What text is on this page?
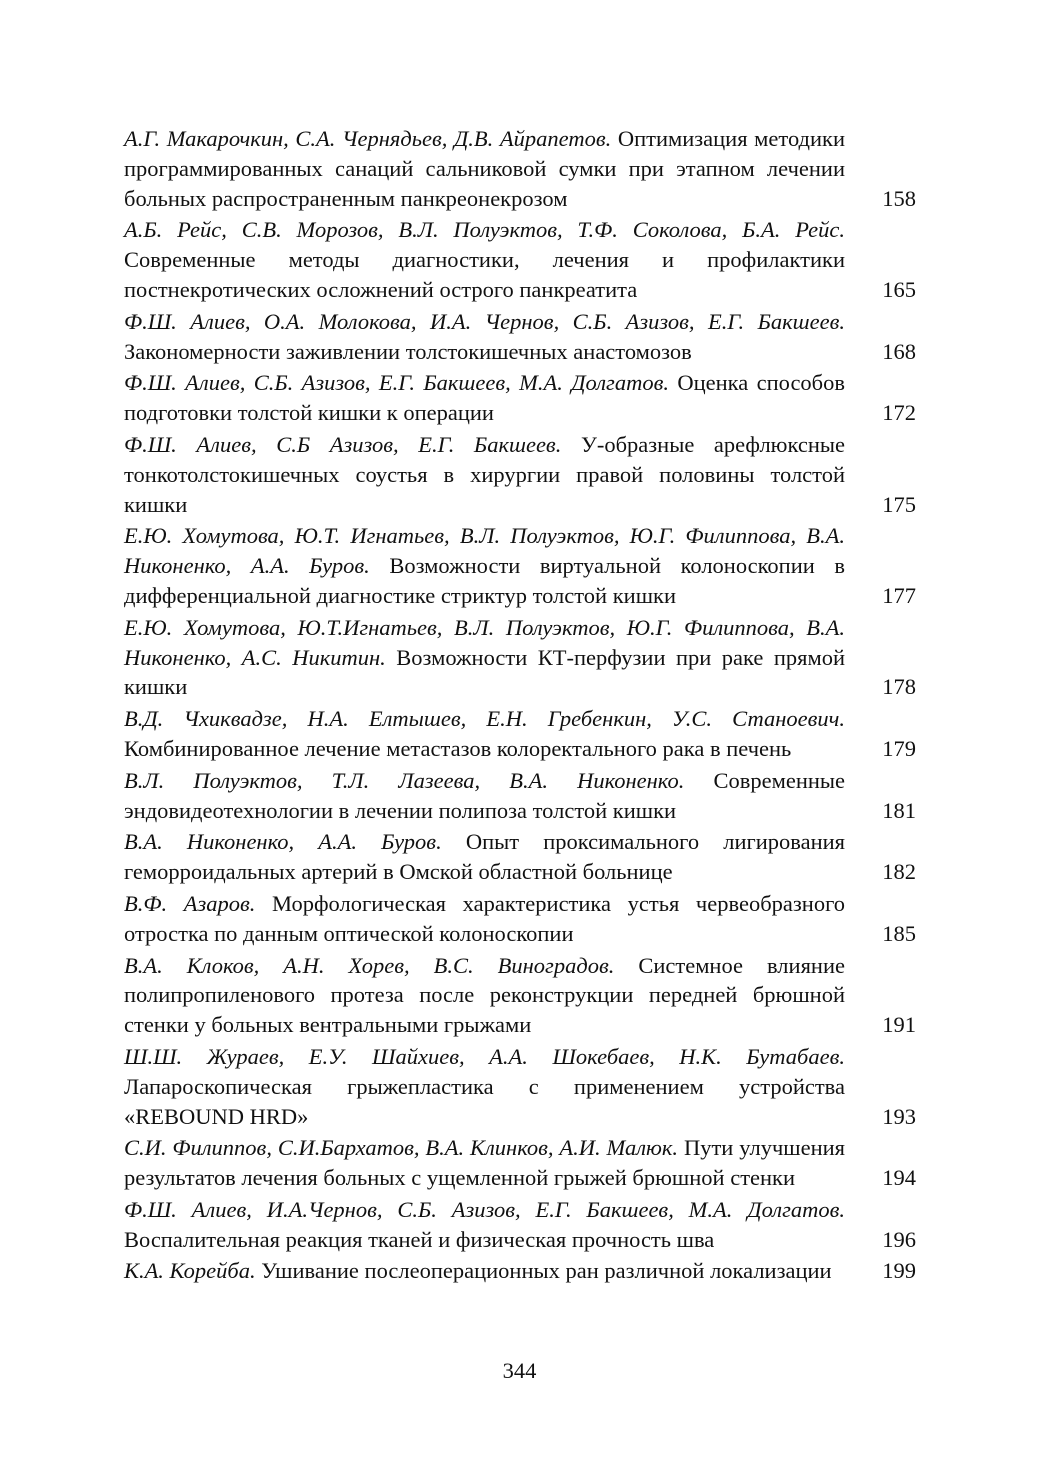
А.Г. Макарочкин, С.А. Чернядьев, Д.В. Айрапетов. Оптимизация методики программированных санаций сальниковой сумки при этапном лечении больных распространенным панкреонекрозом	158
А.Б. Рейс, С.В. Морозов, В.Л. Полуэктов, Т.Ф. Соколова, Б.А. Рейс. Современные методы диагностики, лечения и профилактики постнекротических осложнений острого панкреатита	165
Ф.Ш. Алиев, О.А. Молокова, И.А. Чернов, С.Б. Азизов, Е.Г. Бакшеев. Закономерности заживлении толстокишечных анастомозов	168
Ф.Ш. Алиев, С.Б. Азизов, Е.Г. Бакшеев, М.А. Долгатов. Оценка способов подготовки толстой кишки к операции	172
Ф.Ш. Алиев, С.Б Азизов, Е.Г. Бакшеев. У-образные арефлюксные тонкотолстокишечных соустья в хирургии правой половины толстой кишки	175
Е.Ю. Хомутова, Ю.Т. Игнатьев, В.Л. Полуэктов, Ю.Г. Филиппова, В.А. Никоненко, А.А. Буров. Возможности виртуальной колоноскопии в дифференциальной диагностике стриктур толстой кишки	177
Е.Ю. Хомутова, Ю.Т.Игнатьев, В.Л. Полуэктов, Ю.Г. Филиппова, В.А. Никоненко, А.С. Никитин. Возможности КТ-перфузии при раке прямой кишки	178
В.Д. Чхиквадзе, Н.А. Елтышев, Е.Н. Гребенкин, У.С. Станоевич. Комбинированное лечение метастазов колоректального рака в печень	179
В.Л. Полуэктов, Т.Л. Лазеева, В.А. Никоненко. Современные эндовидеотехнологии в лечении полипоза толстой кишки	181
В.А. Никоненко, А.А. Буров. Опыт проксимального лигирования геморроидальных артерий в Омской областной больнице	182
В.Ф. Азаров. Морфологическая характеристика устья червеобразного отростка по данным оптической колоноскопии	185
В.А. Клоков, А.Н. Хорев, В.С. Виноградов. Системное влияние полипропиленового протеза после реконструкции передней брюшной стенки у больных вентральными грыжами	191
Ш.Ш. Жураев, Е.У. Шайхиев, А.А. Шокебаев, Н.К. Бутабаев. Лапароскопическая грыжепластика с применением устройства «REBOUND HRD»	193
С.И. Филиппов, С.И.Бархатов, В.А. Клинков, А.И. Малюк. Пути улучшения результатов лечения больных с ущемленной грыжей брюшной стенки	194
Ф.Ш. Алиев, И.А.Чернов, С.Б. Азизов, Е.Г. Бакшеев, М.А. Долгатов. Воспалительная реакция тканей и физическая прочность шва	196
К.А. Корейба. Ушивание послеоперационных ран различной локализации	199
344
